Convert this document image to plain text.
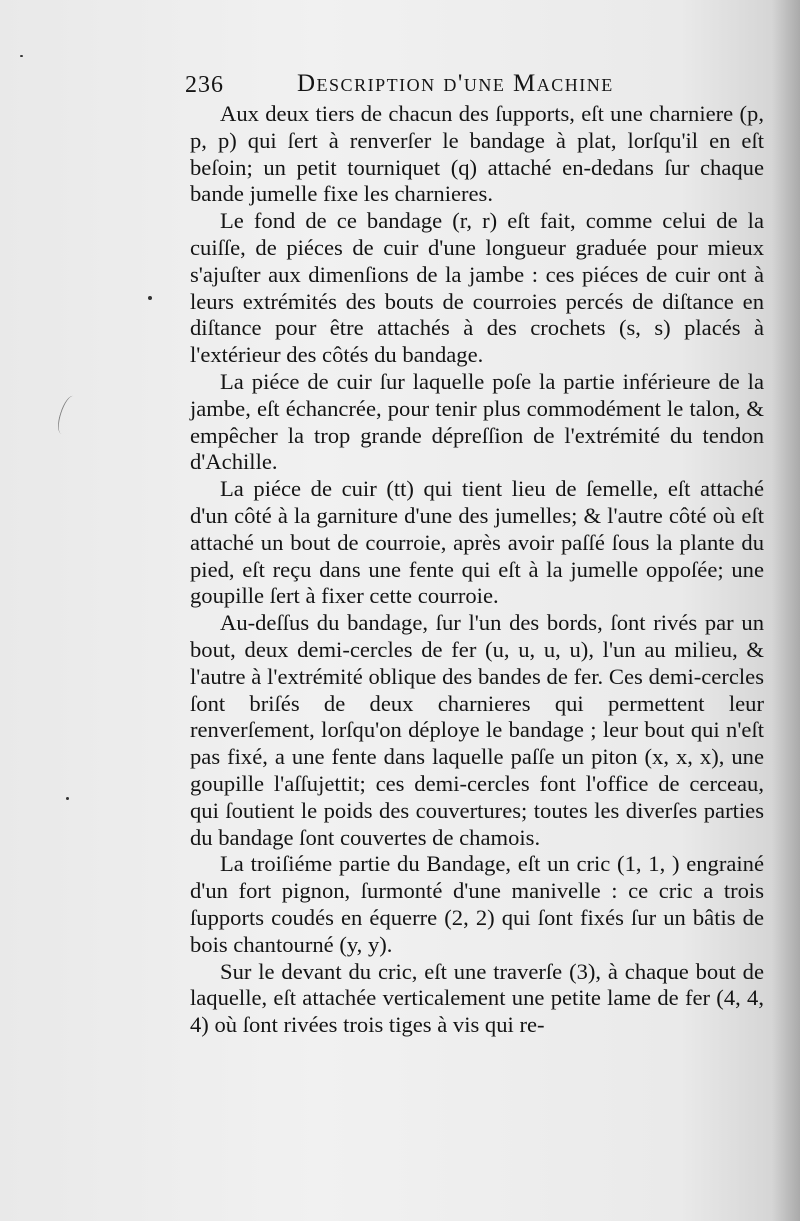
236	Description d'une Machine

Aux deux tiers de chacun des ſupports, eſt une charniere (p, p, p) qui ſert à renverſer le bandage à plat, lorſqu'il en eſt beſoin; un petit tourniquet (q) attaché en-dedans ſur chaque bande jumelle fixe les charnieres.

Le fond de ce bandage (r, r) eſt fait, comme celui de la cuiſſe, de piéces de cuir d'une longueur graduée pour mieux s'ajuſter aux dimenſions de la jambe : ces piéces de cuir ont à leurs extrémités des bouts de courroies percés de diſtance en diſtance pour être attachés à des crochets (s, s) placés à l'extérieur des côtés du bandage.

La piéce de cuir ſur laquelle poſe la partie inférieure de la jambe, eſt échancrée, pour tenir plus commodément le talon, & empêcher la trop grande dépreſſion de l'extrémité du tendon d'Achille.

La piéce de cuir (tt) qui tient lieu de ſemelle, eſt attaché d'un côté à la garniture d'une des jumelles; & l'autre côté où eſt attaché un bout de courroie, après avoir paſſé ſous la plante du pied, eſt reçu dans une fente qui eſt à la jumelle oppoſée; une goupille ſert à fixer cette courroie.

Au-deſſus du bandage, ſur l'un des bords, ſont rivés par un bout, deux demi-cercles de fer (u, u, u, u), l'un au milieu, & l'autre à l'extrémité oblique des bandes de fer. Ces demi-cercles ſont briſés de deux charnieres qui permettent leur renverſement, lorſqu'on déploye le bandage ; leur bout qui n'eſt pas fixé, a une fente dans laquelle paſſe un piton (x, x, x), une goupille l'aſſujettit; ces demi-cercles font l'office de cerceau, qui ſoutient le poids des couvertures; toutes les diverſes parties du bandage ſont couvertes de chamois.

La troiſiéme partie du Bandage, eſt un cric (1, 1, ) engrainé d'un fort pignon, ſurmonté d'une manivelle : ce cric a trois ſupports coudés en équerre (2, 2) qui ſont fixés ſur un bâtis de bois chantourné (y, y).

Sur le devant du cric, eſt une traverſe (3), à chaque bout de laquelle, eſt attachée verticalement une petite lame de fer (4, 4, 4) où ſont rivées trois tiges à vis qui re-
